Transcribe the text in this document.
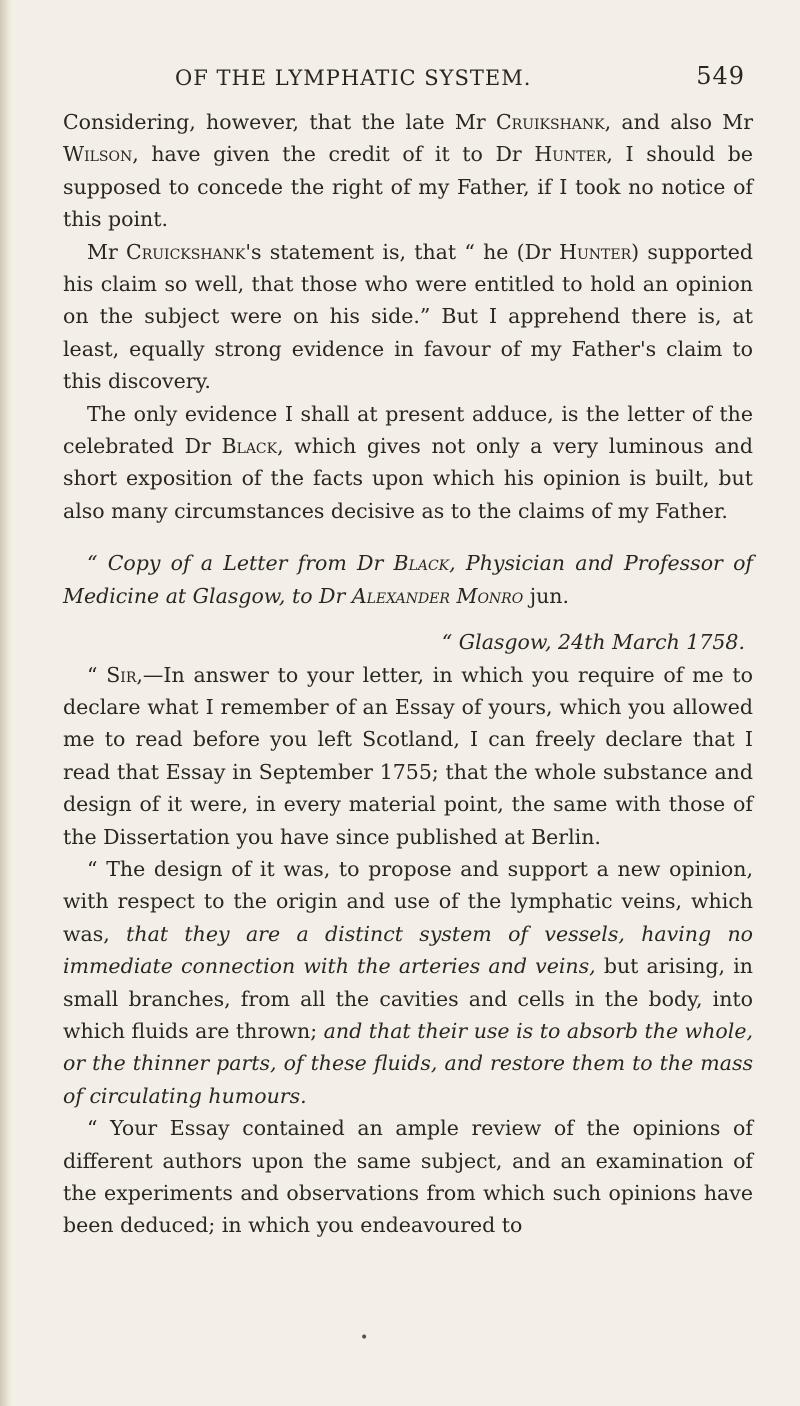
OF THE LYMPHATIC SYSTEM.	549

Considering, however, that the late Mr Cruikshank, and also Mr Wilson, have given the credit of it to Dr Hunter, I should be supposed to concede the right of my Father, if I took no notice of this point.

Mr Cruickshank's statement is, that “ he (Dr Hunter) supported his claim so well, that those who were entitled to hold an opinion on the subject were on his side.” But I apprehend there is, at least, equally strong evidence in favour of my Father's claim to this discovery.

The only evidence I shall at present adduce, is the letter of the celebrated Dr Black, which gives not only a very luminous and short exposition of the facts upon which his opinion is built, but also many circumstances decisive as to the claims of my Father.

“ Copy of a Letter from Dr Black, Physician and Professor of Medicine at Glasgow, to Dr Alexander Monro jun.

“ Glasgow, 24th March 1758.

“ Sir,—In answer to your letter, in which you require of me to declare what I remember of an Essay of yours, which you allowed me to read before you left Scotland, I can freely declare that I read that Essay in September 1755; that the whole substance and design of it were, in every material point, the same with those of the Dissertation you have since published at Berlin.

“ The design of it was, to propose and support a new opinion, with respect to the origin and use of the lymphatic veins, which was, that they are a distinct system of vessels, having no immediate connection with the arteries and veins, but arising, in small branches, from all the cavities and cells in the body, into which fluids are thrown; and that their use is to absorb the whole, or the thinner parts, of these fluids, and restore them to the mass of circulating humours.

“ Your Essay contained an ample review of the opinions of different authors upon the same subject, and an examination of the experiments and observations from which such opinions have been deduced; in which you endeavoured to

•
